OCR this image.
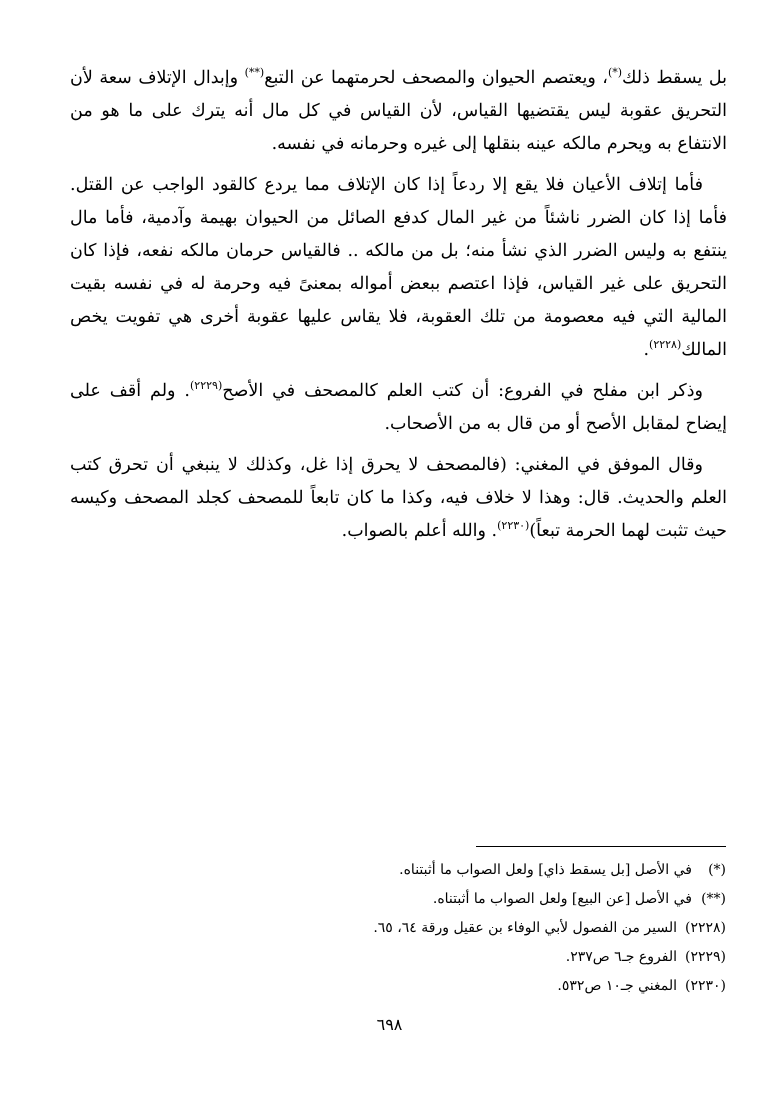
بل يسقط ذلك(*)، ويعتصم الحيوان والمصحف لحرمتهما عن التبع(**) وإبدال الإتلاف سعة لأن التحريق عقوبة ليس يقتضيها القياس، لأن القياس في كل مال أنه يترك على ما هو من الانتفاع به ويحرم مالكه عينه بنقلها إلى غيره وحرمانه في نفسه.

فأما إتلاف الأعيان فلا يقع إلا ردعاً إذا كان الإتلاف مما يردع كالقود الواجب عن القتل. فأما إذا كان الضرر ناشئاً من غير المال كدفع الصائل من الحيوان بهيمة وآدمية، فأما مال ينتفع به وليس الضرر الذي نشأ منه؛ بل من مالكه .. فالقياس حرمان مالكه نفعه، فإذا كان التحريق على غير القياس، فإذا اعتصم ببعض أمواله بمعنىً فيه وحرمة له في نفسه بقيت المالية التي فيه معصومة من تلك العقوبة، فلا يقاس عليها عقوبة أخرى هي تفويت يخص المالك$^{(٢٢٢٨)}$.

وذكر ابن مفلح في الفروع: أن كتب العلم كالمصحف في الأصح$^{(٢٢٢٩)}$. ولم أقف على إيضاح لمقابل الأصح أو من قال به من الأصحاب.

وقال الموفق في المغني: (فالمصحف لا يحرق إذا غل، وكذلك لا ينبغي أن تحرق كتب العلم والحديث. قال: وهذا لا خلاف فيه، وكذا ما كان تابعاً للمصحف كجلد المصحف وكيسه حيث تثبت لهما الحرمة تبعاً)$^{(٢٢٣٠)}$. والله أعلم بالصواب.

(*)
في الأصل [بل يسقط ذاي] ولعل الصواب ما أثبتناه.
(**)
في الأصل [عن البيع] ولعل الصواب ما أثبتناه.
(٢٢٢٨)
السير من الفصول لأبي الوفاء بن عقيل ورقة ٦٤، ٦٥.
(٢٢٢٩)
الفروع جـ٦ ص٢٣٧.
(٢٢٣٠)
المغني جـ١٠ ص٥٣٢.
٦٩٨
